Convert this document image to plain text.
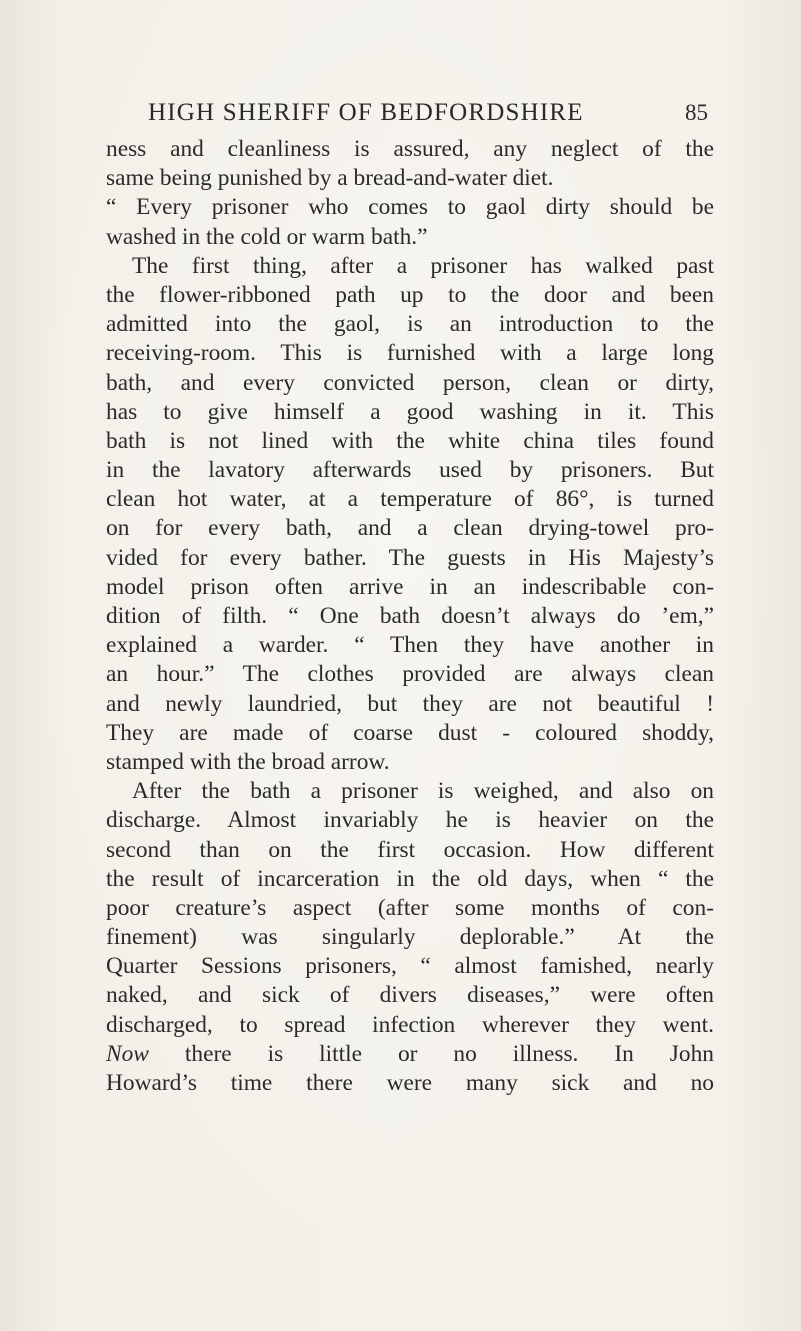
HIGH SHERIFF OF BEDFORDSHIRE	85
ness and cleanliness is assured, any neglect of the
same being punished by a bread-and-water diet.
“ Every prisoner who comes to gaol dirty should be
washed in the cold or warm bath.”
The first thing, after a prisoner has walked past
the flower-ribboned path up to the door and been
admitted into the gaol, is an introduction to the
receiving-room. This is furnished with a large long
bath, and every convicted person, clean or dirty,
has to give himself a good washing in it. This
bath is not lined with the white china tiles found
in the lavatory afterwards used by prisoners. But
clean hot water, at a temperature of 86°, is turned
on for every bath, and a clean drying-towel pro-
vided for every bather. The guests in His Majesty’s
model prison often arrive in an indescribable con-
dition of filth. “ One bath doesn’t always do ’em,”
explained a warder. “ Then they have another in
an hour.” The clothes provided are always clean
and newly laundried, but they are not beautiful !
They are made of coarse dust - coloured shoddy,
stamped with the broad arrow.
After the bath a prisoner is weighed, and also on
discharge. Almost invariably he is heavier on the
second than on the first occasion. How different
the result of incarceration in the old days, when “ the
poor creature’s aspect (after some months of con-
finement) was singularly deplorable.” At the
Quarter Sessions prisoners, “ almost famished, nearly
naked, and sick of divers diseases,” were often
discharged, to spread infection wherever they went.
Now there is little or no illness. In John
Howard’s time there were many sick and no
